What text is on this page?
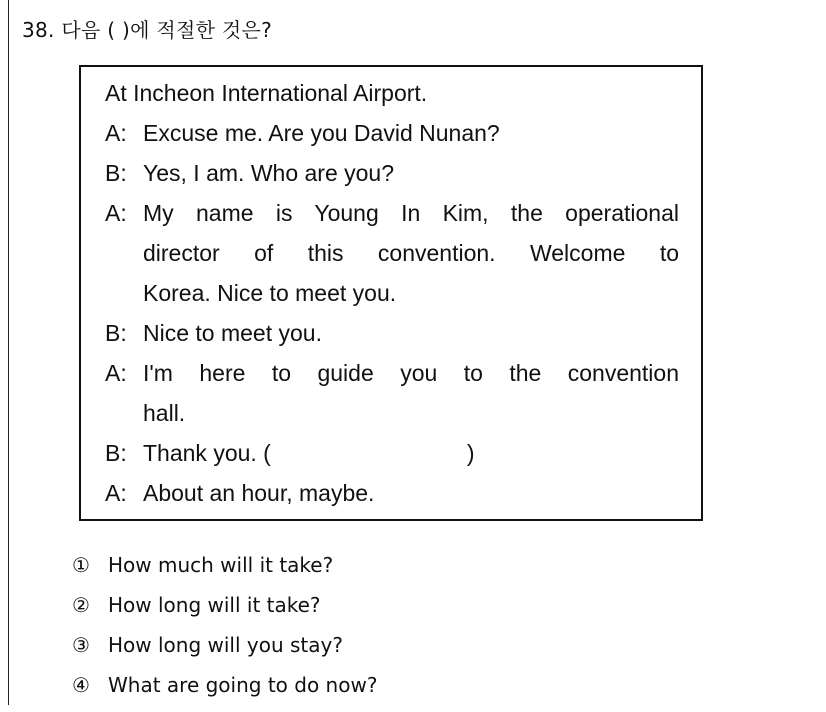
38. 다음 ( )에 적절한 것은?
At Incheon International Airport.
A: Excuse me. Are you David Nunan?
B: Yes, I am. Who are you?
A: My name is Young In Kim, the operational
director of this convention. Welcome to
Korea. Nice to meet you.
B: Nice to meet you.
A: I'm here to guide you to the convention
hall.
B: Thank you. (	)
A: About an hour, maybe.
① How much will it take?
② How long will it take?
③ How long will you stay?
④ What are going to do now?
